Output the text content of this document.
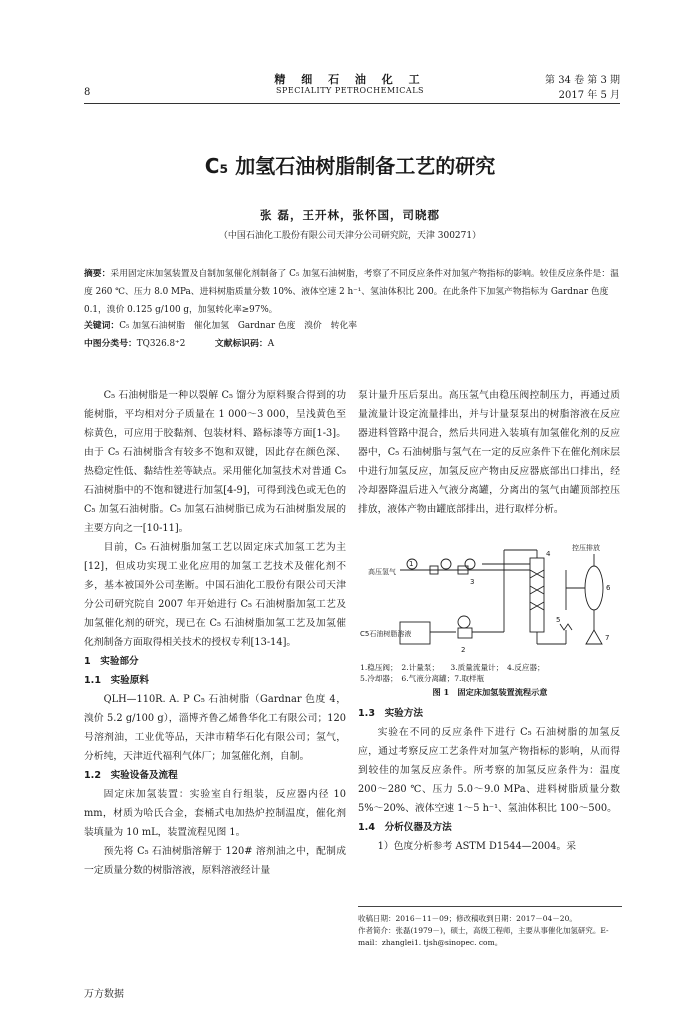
8
精 细 石 油 化 工
SPECIALITY PETROCHEMICALS
第 34 卷 第 3 期
2017 年 5 月
C₅ 加氢石油树脂制备工艺的研究
张 磊，王开林，张怀国，司晓郡
（中国石油化工股份有限公司天津分公司研究院，天津 300271）
摘要：采用固定床加氢装置及自制加氢催化剂制备了 C₅ 加氢石油树脂，考察了不同反应条件对加氢产物指标的影响。较佳反应条件是：温度 260 ℃、压力 8.0 MPa、进料树脂质量分数 10%、液体空速 2 h⁻¹、氢油体积比 200。在此条件下加氢产物指标为 Gardnar 色度 0.1，溴价 0.125 g/100 g，加氢转化率≥97%。
关键词：C₅ 加氢石油树脂　催化加氢　Gardnar 色度　溴价　转化率
中图分类号：TQ326.8⁺2	文献标识码：A

C₅ 石油树脂是一种以裂解 C₅ 馏分为原料聚合得到的功能树脂，平均相对分子质量在 1 000～3 000，呈浅黄色至棕黄色，可应用于胶黏剂、包装材料、路标漆等方面[1-3]。由于 C₅ 石油树脂含有较多不饱和双键，因此存在颜色深、热稳定性低、黏结性差等缺点。采用催化加氢技术对普通 C₅ 石油树脂中的不饱和键进行加氢[4-9]，可得到浅色或无色的 C₅ 加氢石油树脂。C₅ 加氢石油树脂已成为石油树脂发展的主要方向之一[10-11]。

目前，C₅ 石油树脂加氢工艺以固定床式加氢工艺为主[12]，但成功实现工业化应用的加氢工艺技术及催化剂不多，基本被国外公司垄断。中国石油化工股份有限公司天津分公司研究院自 2007 年开始进行 C₅ 石油树脂加氢工艺及加氢催化剂的研究，现已在 C₅ 石油树脂加氢工艺及加氢催化剂制备方面取得相关技术的授权专利[13-14]。

1　实验部分

1.1　实验原料

QLH—110R. A. P C₅ 石油树脂（Gardnar 色度 4，溴价 5.2 g/100 g），淄博齐鲁乙烯鲁华化工有限公司；120 号溶剂油，工业优等品，天津市精华石化有限公司；氢气，分析纯，天津近代福利气体厂；加氢催化剂，自制。

1.2　实验设备及流程

固定床加氢装置：实验室自行组装，反应器内径 10 mm，材质为哈氏合金，套桶式电加热炉控制温度，催化剂装填量为 10 mL，装置流程见图 1。

预先将 C₅ 石油树脂溶解于 120# 溶剂油之中，配制成一定质量分数的树脂溶液，原料溶液经计量

泵计量升压后泵出。高压氢气由稳压阀控制压力，再通过质量流量计设定流量排出，并与计量泵泵出的树脂溶液在反应器进料管路中混合，然后共同进入装填有加氢催化剂的反应器中，C₅ 石油树脂与氢气在一定的反应条件下在催化剂床层中进行加氢反应，加氢反应产物由反应器底部出口排出，经冷却器降温后进入气液分离罐，分离出的氢气由罐顶部控压排放，液体产物由罐底部排出，进行取样分析。

高压氢气
C5石油树脂溶液
控压排放
1
2
3
4
5
6
7
1.稳压阀；　2.计量泵；　　3.质量流量计；　4.反应器；
5.冷却器；　6.气液分离罐；7.取样瓶
图 1　固定床加氢装置流程示意

1.3　实验方法

实验在不同的反应条件下进行 C₅ 石油树脂的加氢反应，通过考察反应工艺条件对加氢产物指标的影响，从而得到较佳的加氢反应条件。所考察的加氢反应条件为：温度 200～280 ℃、压力 5.0～9.0 MPa、进料树脂质量分数 5%～20%、液体空速 1～5 h⁻¹、氢油体积比 100～500。

1.4　分析仪器及方法

1）色度分析参考 ASTM D1544—2004。采

收稿日期：2016－11－09；修改稿收到日期：2017－04－20。
作者简介：张磊(1979－)，硕士，高级工程师，主要从事催化加氢研究。E-mail：zhanglei1. tjsh@sinopec. com。
万方数据
